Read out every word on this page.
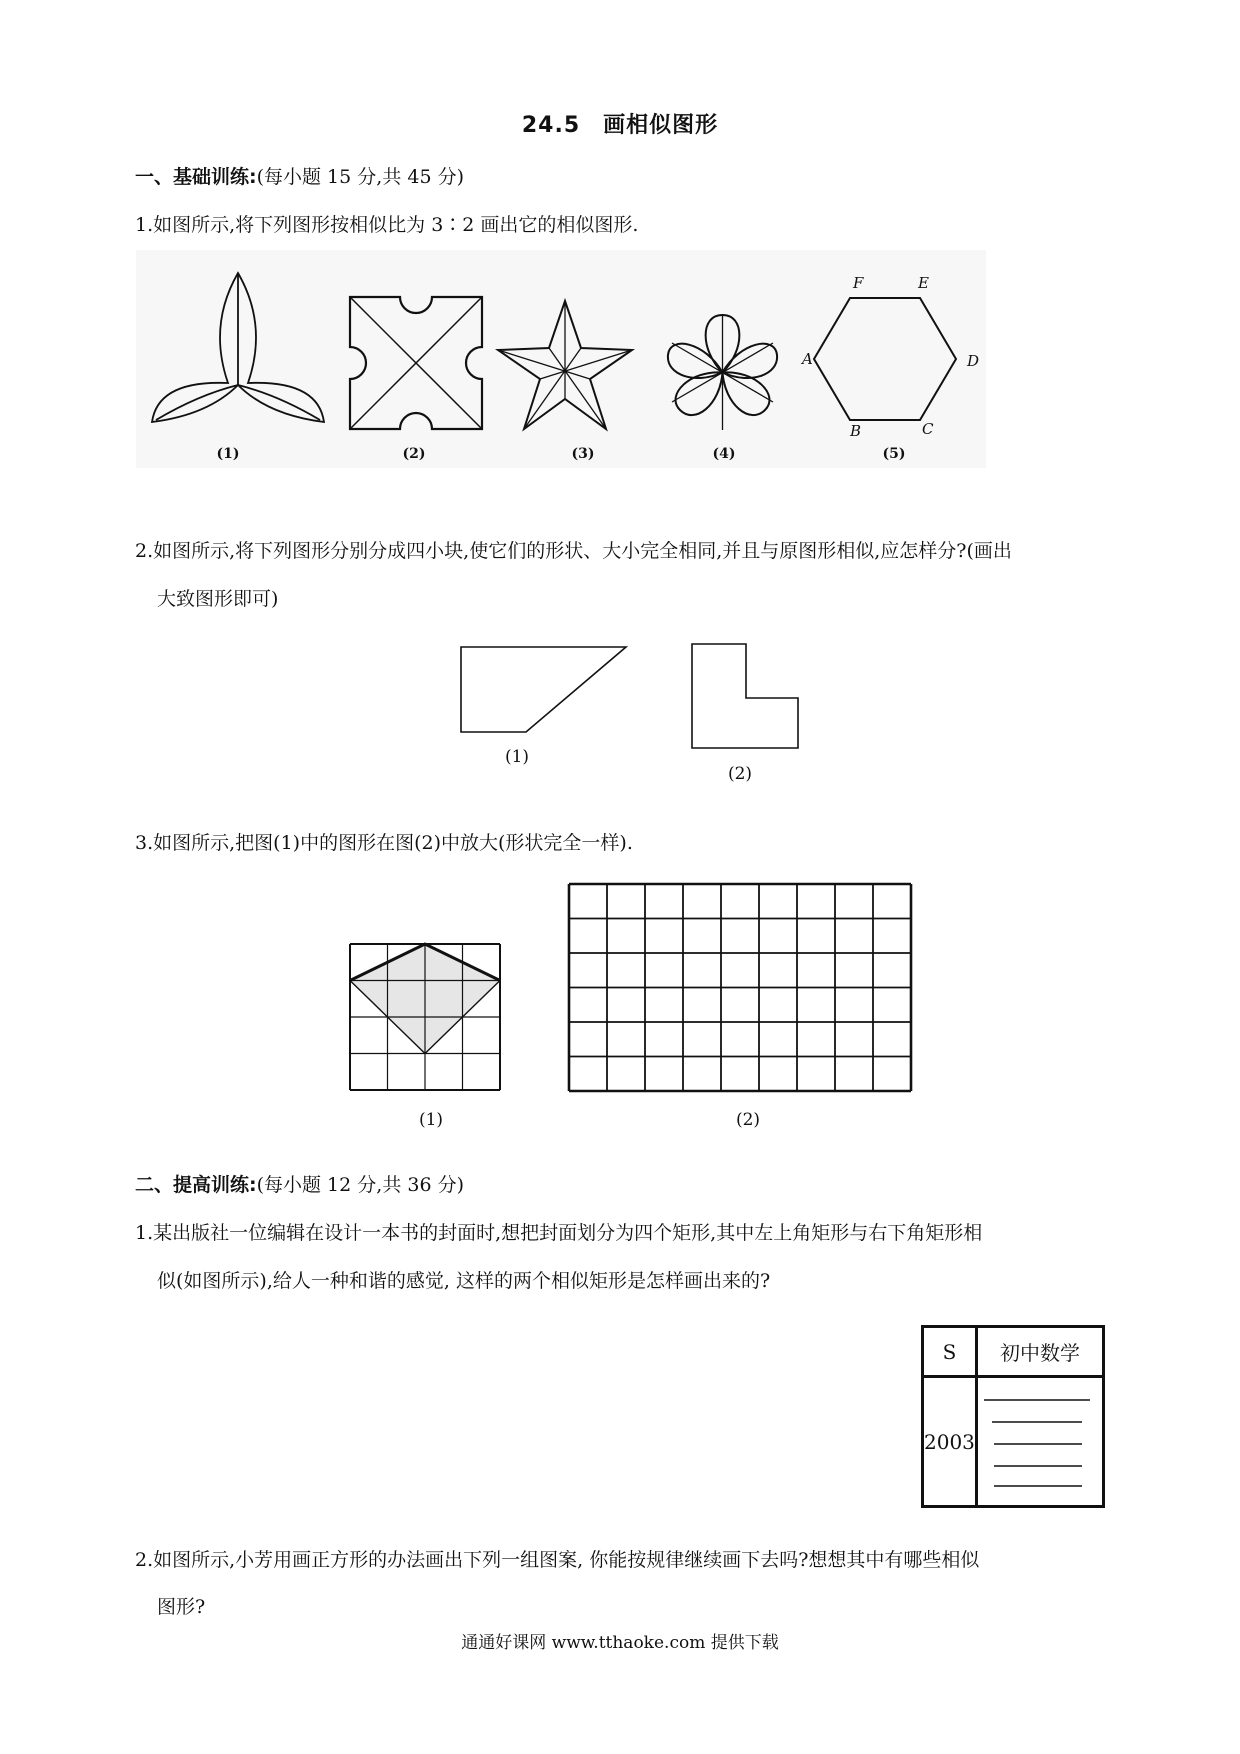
24.5　画相似图形
一、基础训练:(每小题 15 分,共 45 分)
1.如图所示,将下列图形按相似比为 3∶2 画出它的相似图形.
(1)	(2)	(3)	(4)
F	E
A	D
B	C
(5)
2.如图所示,将下列图形分别分成四小块,使它们的形状、大小完全相同,并且与原图形相似,应怎样分?(画出
大致图形即可)
(1)
(2)
3.如图所示,把图(1)中的图形在图(2)中放大(形状完全一样).
(1)	(2)
二、提高训练:(每小题 12 分,共 36 分)
1.某出版社一位编辑在设计一本书的封面时,想把封面划分为四个矩形,其中左上角矩形与右下角矩形相
似(如图所示),给人一种和谐的感觉, 这样的两个相似矩形是怎样画出来的?
S	初中数学
2003	
2.如图所示,小芳用画正方形的办法画出下列一组图案, 你能按规律继续画下去吗?想想其中有哪些相似
图形?
通通好课网 www.tthaoke.com 提供下载
